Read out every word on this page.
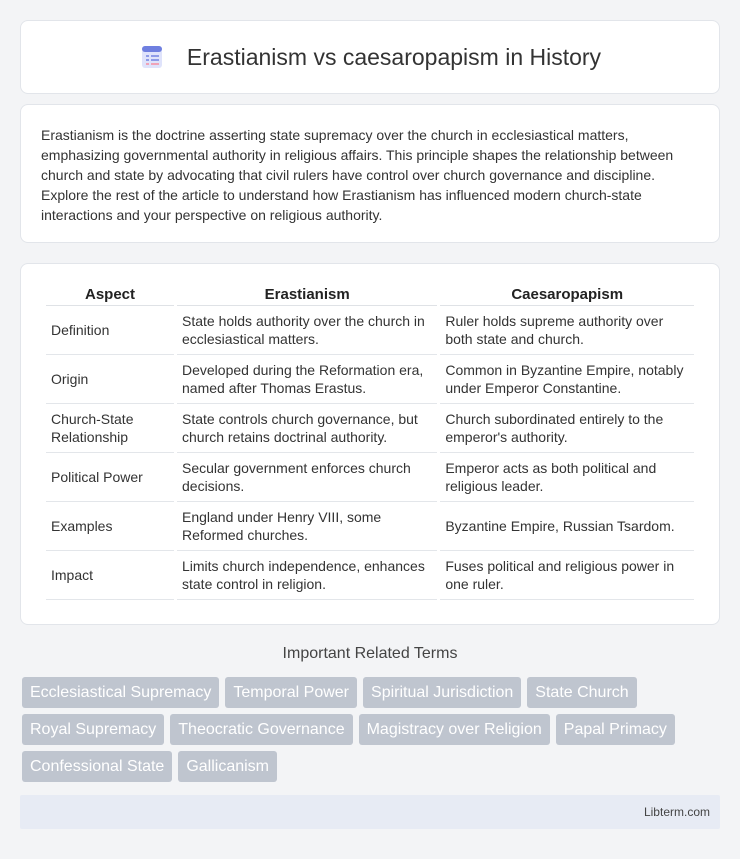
Erastianism vs caesaropapism in History

Erastianism is the doctrine asserting state supremacy over the church in ecclesiastical matters, emphasizing governmental authority in religious affairs. This principle shapes the relationship between church and state by advocating that civil rulers have control over church governance and discipline. Explore the rest of the article to understand how Erastianism has influenced modern church-state interactions and your perspective on religious authority.

Aspect	Erastianism	Caesaropapism
Definition	State holds authority over the church in ecclesiastical matters.	Ruler holds supreme authority over both state and church.
Origin	Developed during the Reformation era, named after Thomas Erastus.	Common in Byzantine Empire, notably under Emperor Constantine.
Church-State Relationship	State controls church governance, but church retains doctrinal authority.	Church subordinated entirely to the emperor's authority.
Political Power	Secular government enforces church decisions.	Emperor acts as both political and religious leader.
Examples	England under Henry VIII, some Reformed churches.	Byzantine Empire, Russian Tsardom.
Impact	Limits church independence, enhances state control in religion.	Fuses political and religious power in one ruler.
Important Related Terms
Ecclesiastical Supremacy	Temporal Power	Spiritual Jurisdiction	State Church
Royal Supremacy	Theocratic Governance	Magistracy over Religion	Papal Primacy
Confessional State	Gallicanism
Libterm.com
